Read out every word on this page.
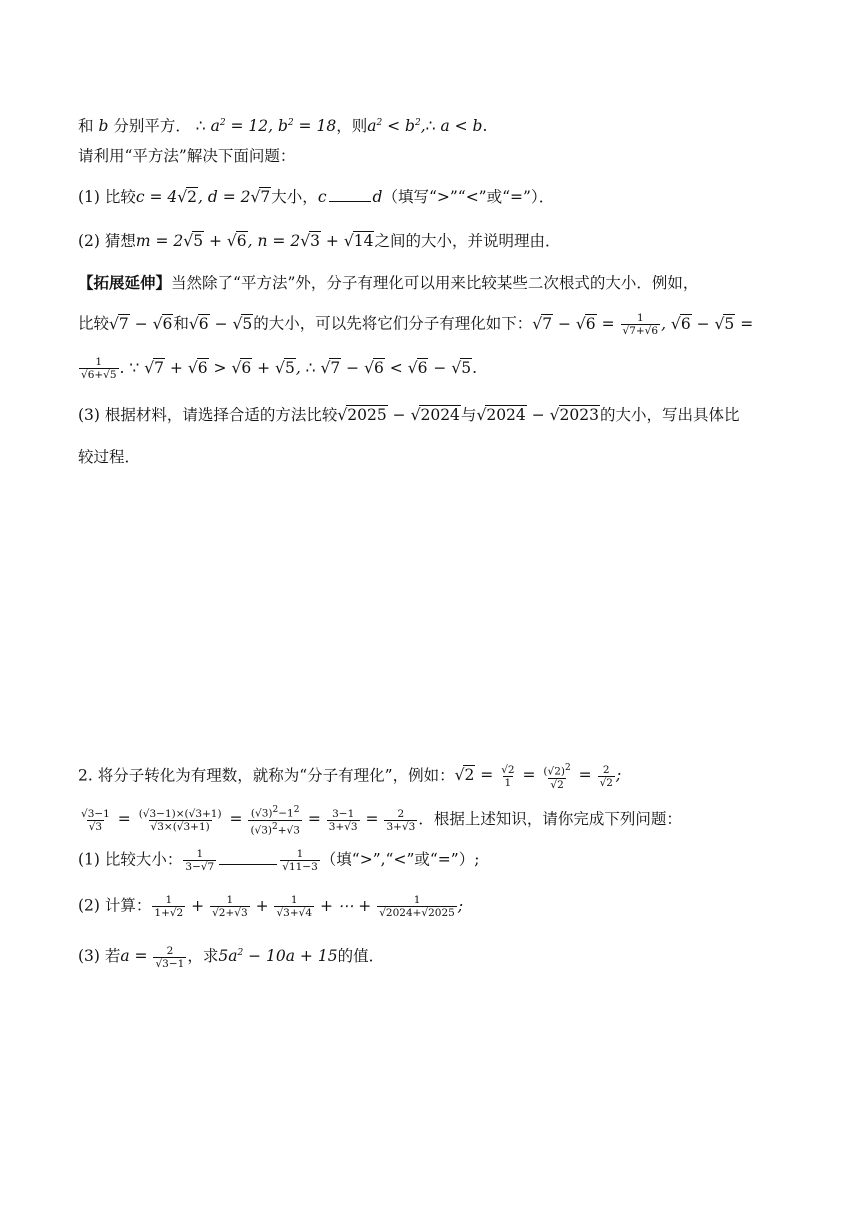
和 b 分别平方． ∴ $a^2 = 12$, $b^2 = 18$，则$a^2$ < $b^2,\therefore$ a < b.
请利用“平方法”解决下面问题：
(1) 比较c = 4√2, d = 2√7大小，c	d（填写“>”“<”或“=”）．
(2) 猜想m = 2√5 + √6, n = 2√3 + √14之间的大小，并说明理由．
【拓展延伸】当然除了“平方法”外，分子有理化可以用来比较某些二次根式的大小．例如，
比较√7 − √6和√6 − √5的大小，可以先将它们分子有理化如下：$√7 - √6 = \frac{1}{√7+√6}$ , √6 − √5 =
$\frac{1}{√6+√5}$ . ∵ √7 + √6 > √6 + √5, ∴ √7 − √6 < √6 − √5.
(3) 根据材料，请选择合适的方法比较√2025 − √2024与√2024 − √2023的大小，写出具体比
较过程．
2. 将分子转化为有理数，就称为“分子有理化”，例如：$√2 = \frac{√2}{1} = \frac{(√2)^2}{√2} = \frac{2}{√2}$ ;
$\frac{√3-1}{√3} = \frac{(√3-1)\times(√3+1)}{√3\times(√3+1)} = \frac{(√3)^2-1^2}{(√3)^2+√3} = \frac{3-1}{3+√3} = \frac{2}{3+√3}$ ．根据上述知识，请你完成下列问题：
(1) 比较大小： $\frac{1}{3-√7}$	$\frac{1}{√11-3}$ （填“>”,“<”或“=”）;
(2) 计算： $\frac{1}{1+√2} + \frac{1}{√2+√3} + \frac{1}{√3+√4}$ + ⋯ + $\frac{1}{√2024+√2025}$ ;
(3) 若$a = \frac{2}{√3-1}$ ，求$5a^2 - 10a + 15$的值．
